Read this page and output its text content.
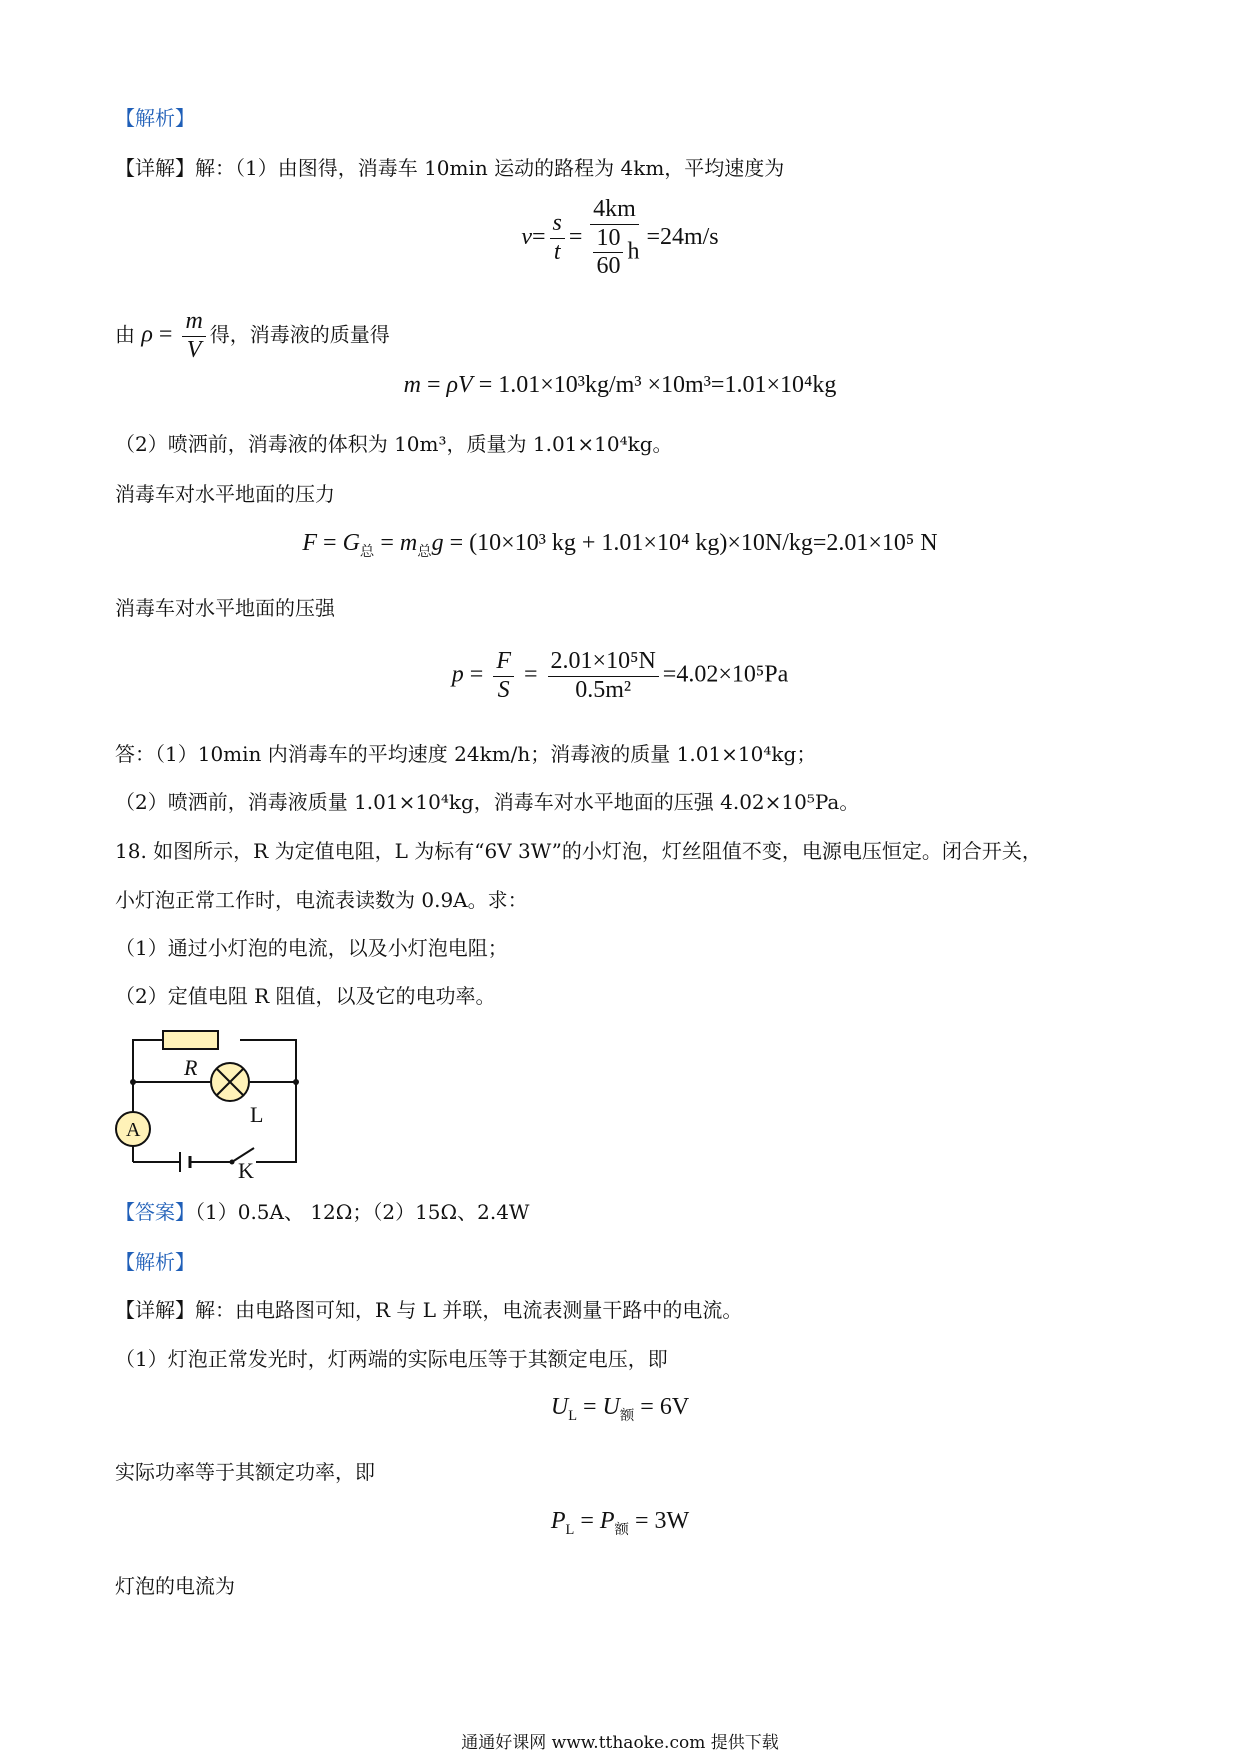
【解析】
【详解】解：（1）由图得，消毒车 10min 运动的路程为 4km，平均速度为
$v= \frac{s}{t} = \frac{4km}{\frac{10}{60} h} =24m/s$
由 $\rho = \frac{m}{V}$ 得，消毒液的质量得
m = ρV = 1.01×10³kg/m³ ×10m³=1.01×10⁴kg
（2）喷洒前，消毒液的体积为 10m³，质量为 1.01×10⁴kg。
消毒车对水平地面的压力
$F = G_总 = m_总g = (10\times 10^3$ kg + 1.01×10⁴ kg)×10N/kg=2.01×10⁵ N
消毒车对水平地面的压强
$p = \frac{F}{S} = \frac{\text{2.01×10⁵N}}{\text{0.5m²}} =4.02\times 10^5Pa$
答：（1）10min 内消毒车的平均速度 24km/h；消毒液的质量 1.01×10⁴kg；
（2）喷洒前，消毒液质量 1.01×10⁴kg，消毒车对水平地面的压强 4.02×10⁵Pa。
18. 如图所示，R 为定值电阻，L 为标有“6V 3W”的小灯泡，灯丝阻值不变，电源电压恒定。闭合开关，
小灯泡正常工作时，电流表读数为 0.9A。求：
（1）通过小灯泡的电流，以及小灯泡电阻；
（2）定值电阻 R 阻值，以及它的电功率。
R
L
A
K
【答案】（1）0.5A、 12Ω；（2）15Ω、2.4W
【解析】
【详解】解：由电路图可知，R 与 L 并联，电流表测量干路中的电流。
（1）灯泡正常发光时，灯两端的实际电压等于其额定电压，即
$U_L = U_额 = 6V$
实际功率等于其额定功率，即
$P_L = P_额 = 3W$
灯泡的电流为
通通好课网 www.tthaoke.com 提供下载
